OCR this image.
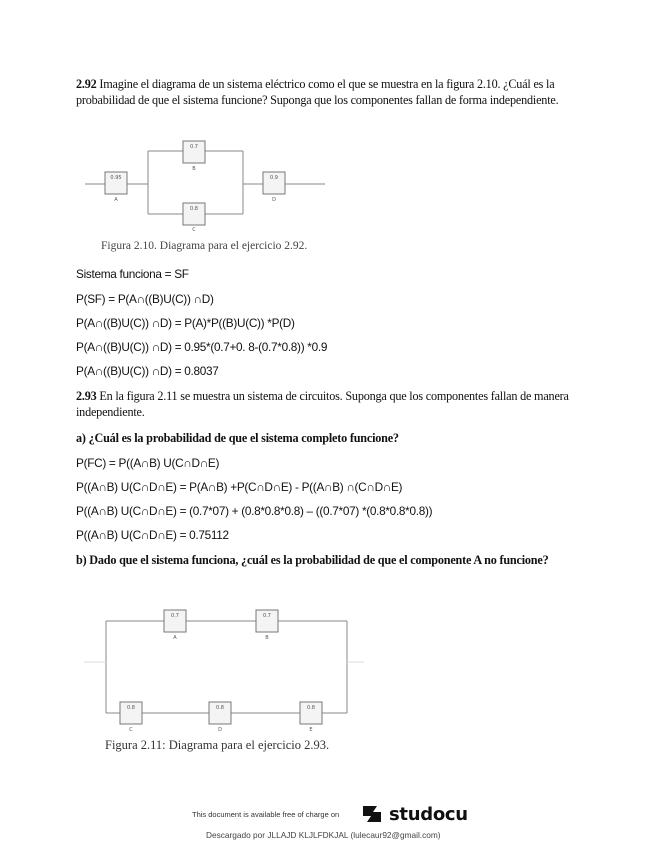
2.92 Imagine el diagrama de un sistema eléctrico como el que se muestra en la figura 2.10. ¿Cuál es la probabilidad de que el sistema funcione? Suponga que los componentes fallan de forma independiente.
0.95
A
0.7
B
0.8
C
0.9
D
Figura 2.10. Diagrama para el ejercicio 2.92.
Sistema funciona = SF
P(SF) = P(A∩((B)U(C)) ∩D)
P(A∩((B)U(C)) ∩D) = P(A)*P((B)U(C)) *P(D)
P(A∩((B)U(C)) ∩D) = 0.95*(0.7+0. 8-(0.7*0.8)) *0.9
P(A∩((B)U(C)) ∩D) = 0.8037
2.93 En la figura 2.11 se muestra un sistema de circuitos. Suponga que los componentes fallan de manera independiente.
a) ¿Cuál es la probabilidad de que el sistema completo funcione?
P(FC) = P((A∩B) U(C∩D∩E)
P((A∩B) U(C∩D∩E) = P(A∩B) +P(C∩D∩E) - P((A∩B) ∩(C∩D∩E)
P((A∩B) U(C∩D∩E) = (0.7*07) + (0.8*0.8*0.8) – ((0.7*07) *(0.8*0.8*0.8))
P((A∩B) U(C∩D∩E) = 0.75112
b) Dado que el sistema funciona, ¿cuál es la probabilidad de que el componente A no funcione?
0.7
A
0.7
B
0.8
C
0.8
D
0.8
E
Figura 2.11: Diagrama para el ejercicio 2.93.
This document is available free of charge on	studocu
Descargado por JLLAJD KLJLFDKJAL (lulecaur92@gmail.com)
